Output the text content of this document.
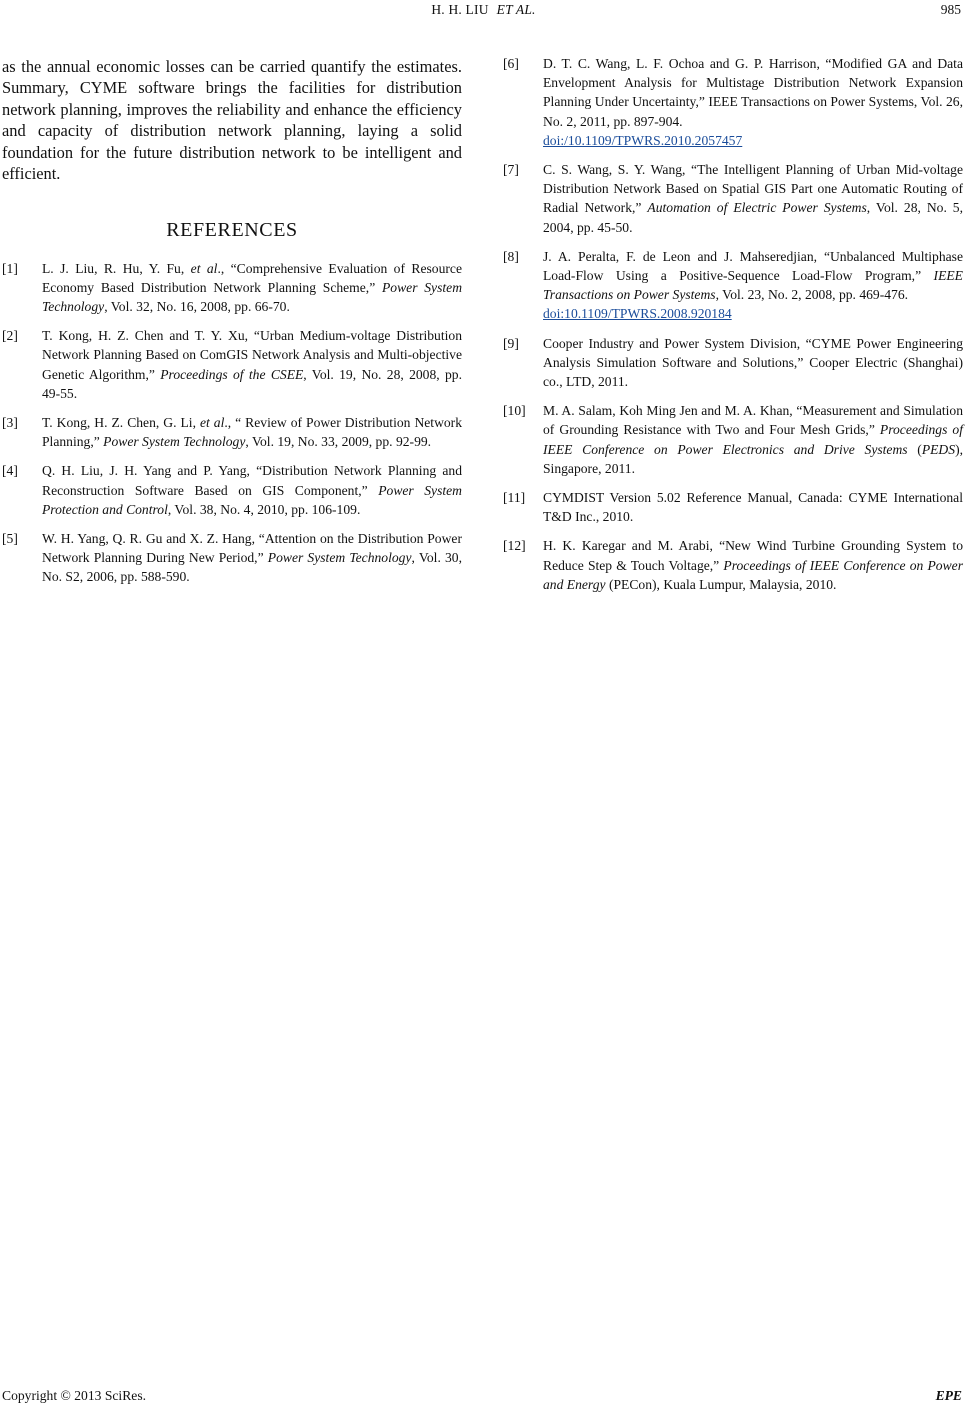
H. H. LIU ET AL.	985

as the annual economic losses can be carried quantify the estimates. Summary, CYME software brings the facilities for distribution network planning, improves the reliability and enhance the efficiency and capacity of distribution network planning, laying a solid foundation for the future distribution network to be intelligent and efficient.

REFERENCES
[1] L. J. Liu, R. Hu, Y. Fu, et al., “Comprehensive Evaluation of Resource Economy Based Distribution Network Planning Scheme,” Power System Technology, Vol. 32, No. 16, 2008, pp. 66-70.
[2] T. Kong, H. Z. Chen and T. Y. Xu, “Urban Medium-voltage Distribution Network Planning Based on ComGIS Network Analysis and Multi-objective Genetic Algorithm,” Proceedings of the CSEE, Vol. 19, No. 28, 2008, pp. 49-55.
[3] T. Kong, H. Z. Chen, G. Li, et al., “ Review of Power Distribution Network Planning,” Power System Technology, Vol. 19, No. 33, 2009, pp. 92-99.
[4] Q. H. Liu, J. H. Yang and P. Yang, “Distribution Network Planning and Reconstruction Software Based on GIS Component,” Power System Protection and Control, Vol. 38, No. 4, 2010, pp. 106-109.
[5] W. H. Yang, Q. R. Gu and X. Z. Hang, “Attention on the Distribution Power Network Planning During New Period,” Power System Technology, Vol. 30, No. S2, 2006, pp. 588-590.
[6] D. T. C. Wang, L. F. Ochoa and G. P. Harrison, “Modified GA and Data Envelopment Analysis for Multistage Distribution Network Expansion Planning Under Uncertainty,” IEEE Transactions on Power Systems, Vol. 26, No. 2, 2011, pp. 897-904.
doi:/10.1109/TPWRS.2010.2057457
[7] C. S. Wang, S. Y. Wang, “The Intelligent Planning of Urban Mid-voltage Distribution Network Based on Spatial GIS Part one Automatic Routing of Radial Network,” Automation of Electric Power Systems, Vol. 28, No. 5, 2004, pp. 45-50.
[8] J. A. Peralta, F. de Leon and J. Mahseredjian, “Unbalanced Multiphase Load-Flow Using a Positive-Sequence Load-Flow Program,” IEEE Transactions on Power Systems, Vol. 23, No. 2, 2008, pp. 469-476.
doi:10.1109/TPWRS.2008.920184
[9] Cooper Industry and Power System Division, “CYME Power Engineering Analysis Simulation Software and Solutions,” Cooper Electric (Shanghai) co., LTD, 2011.
[10] M. A. Salam, Koh Ming Jen and M. A. Khan, “Measurement and Simulation of Grounding Resistance with Two and Four Mesh Grids,” Proceedings of IEEE Conference on Power Electronics and Drive Systems (PEDS), Singapore, 2011.
[11] CYMDIST Version 5.02 Reference Manual, Canada: CYME International T&D Inc., 2010.
[12] H. K. Karegar and M. Arabi, “New Wind Turbine Grounding System to Reduce Step & Touch Voltage,” Proceedings of IEEE Conference on Power and Energy (PECon), Kuala Lumpur, Malaysia, 2010.
Copyright © 2013 SciRes.	EPE
